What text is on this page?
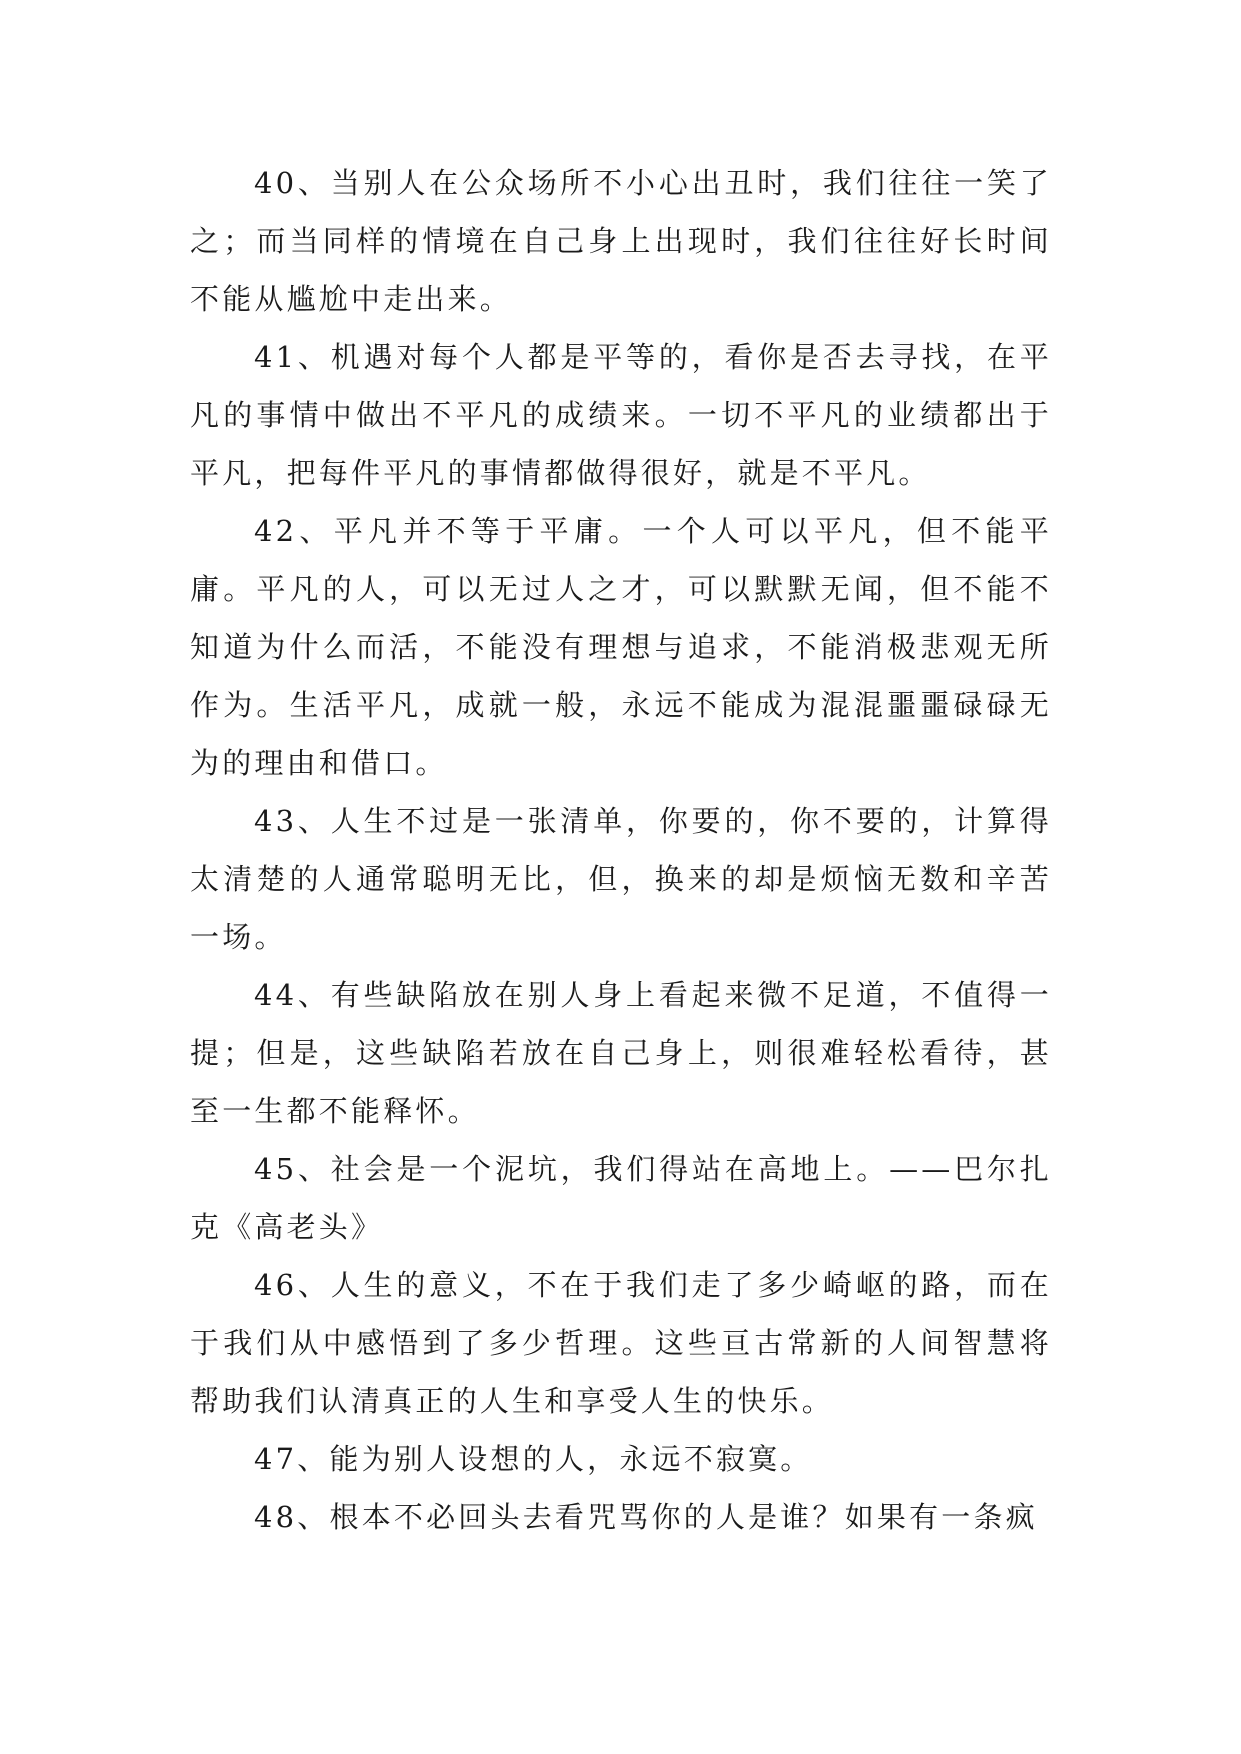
40、当别人在公众场所不小心出丑时，我们往往一笑了之；而当同样的情境在自己身上出现时，我们往往好长时间不能从尴尬中走出来。

41、机遇对每个人都是平等的，看你是否去寻找，在平凡的事情中做出不平凡的成绩来。一切不平凡的业绩都出于平凡，把每件平凡的事情都做得很好，就是不平凡。

42、平凡并不等于平庸。一个人可以平凡，但不能平庸。平凡的人，可以无过人之才，可以默默无闻，但不能不知道为什么而活，不能没有理想与追求，不能消极悲观无所作为。生活平凡，成就一般，永远不能成为混混噩噩碌碌无为的理由和借口。

43、人生不过是一张清单，你要的，你不要的，计算得太清楚的人通常聪明无比，但，换来的却是烦恼无数和辛苦一场。

44、有些缺陷放在别人身上看起来微不足道，不值得一提；但是，这些缺陷若放在自己身上，则很难轻松看待，甚至一生都不能释怀。

45、社会是一个泥坑，我们得站在高地上。——巴尔扎克《高老头》

46、人生的意义，不在于我们走了多少崎岖的路，而在于我们从中感悟到了多少哲理。这些亘古常新的人间智慧将帮助我们认清真正的人生和享受人生的快乐。

47、能为别人设想的人，永远不寂寞。

48、根本不必回头去看咒骂你的人是谁？如果有一条疯
